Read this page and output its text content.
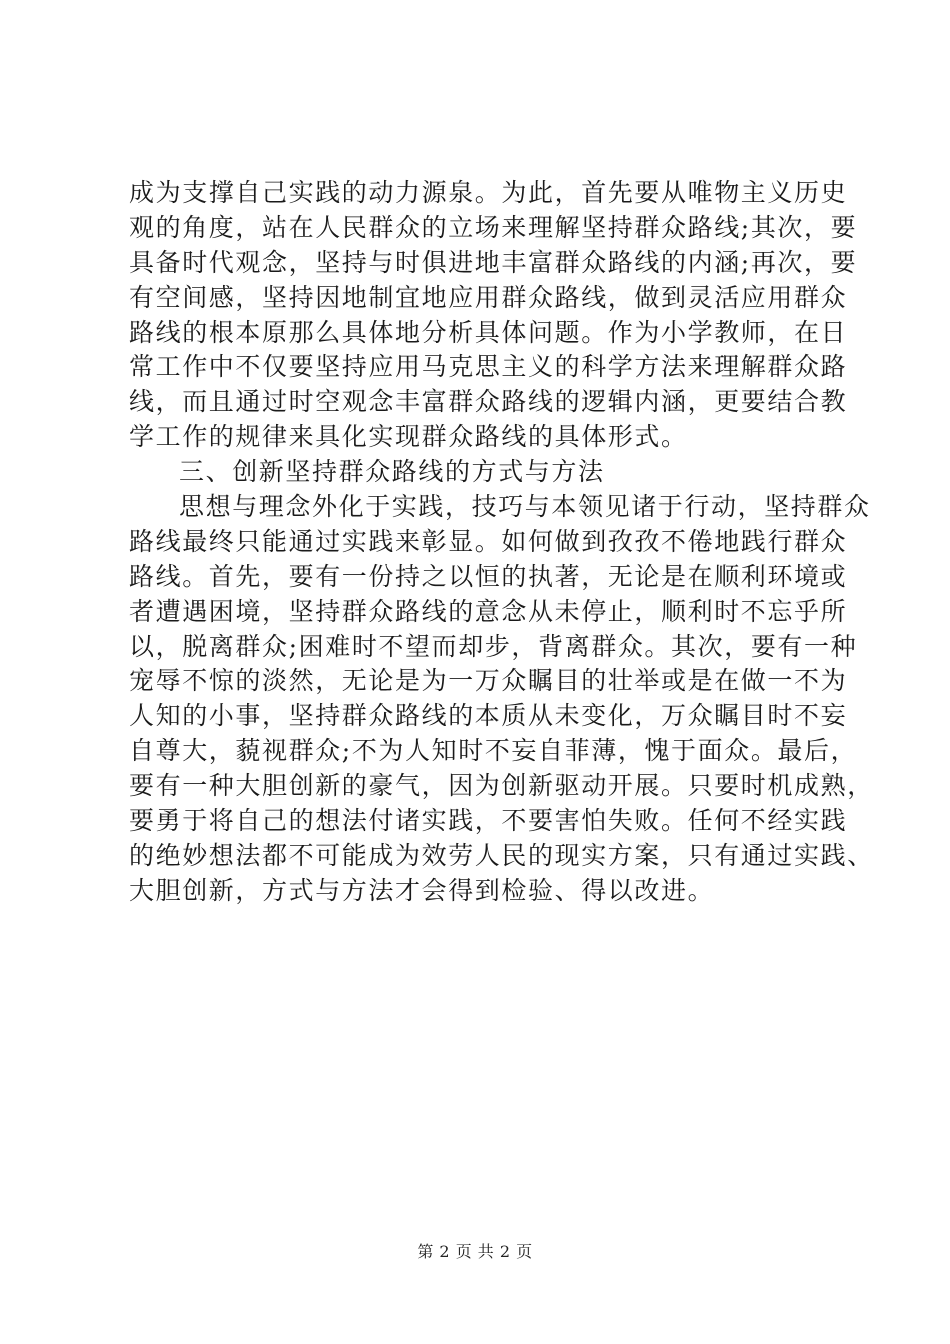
成为支撑自己实践的动力源泉。为此，首先要从唯物主义历史
观的角度，站在人民群众的立场来理解坚持群众路线;其次，要
具备时代观念，坚持与时俱进地丰富群众路线的内涵;再次，要
有空间感，坚持因地制宜地应用群众路线，做到灵活应用群众
路线的根本原那么具体地分析具体问题。作为小学教师，在日
常工作中不仅要坚持应用马克思主义的科学方法来理解群众路
线，而且通过时空观念丰富群众路线的逻辑内涵，更要结合教
学工作的规律来具化实现群众路线的具体形式。
三、创新坚持群众路线的方式与方法
思想与理念外化于实践，技巧与本领见诸于行动，坚持群众
路线最终只能通过实践来彰显。如何做到孜孜不倦地践行群众
路线。首先，要有一份持之以恒的执著，无论是在顺利环境或
者遭遇困境，坚持群众路线的意念从未停止，顺利时不忘乎所
以，脱离群众;困难时不望而却步，背离群众。其次，要有一种
宠辱不惊的淡然，无论是为一万众瞩目的壮举或是在做一不为
人知的小事，坚持群众路线的本质从未变化，万众瞩目时不妄
自尊大，藐视群众;不为人知时不妄自菲薄，愧于面众。最后，
要有一种大胆创新的豪气，因为创新驱动开展。只要时机成熟，
要勇于将自己的想法付诸实践，不要害怕失败。任何不经实践
的绝妙想法都不可能成为效劳人民的现实方案，只有通过实践、
大胆创新，方式与方法才会得到检验、得以改进。
第 2 页 共 2 页
